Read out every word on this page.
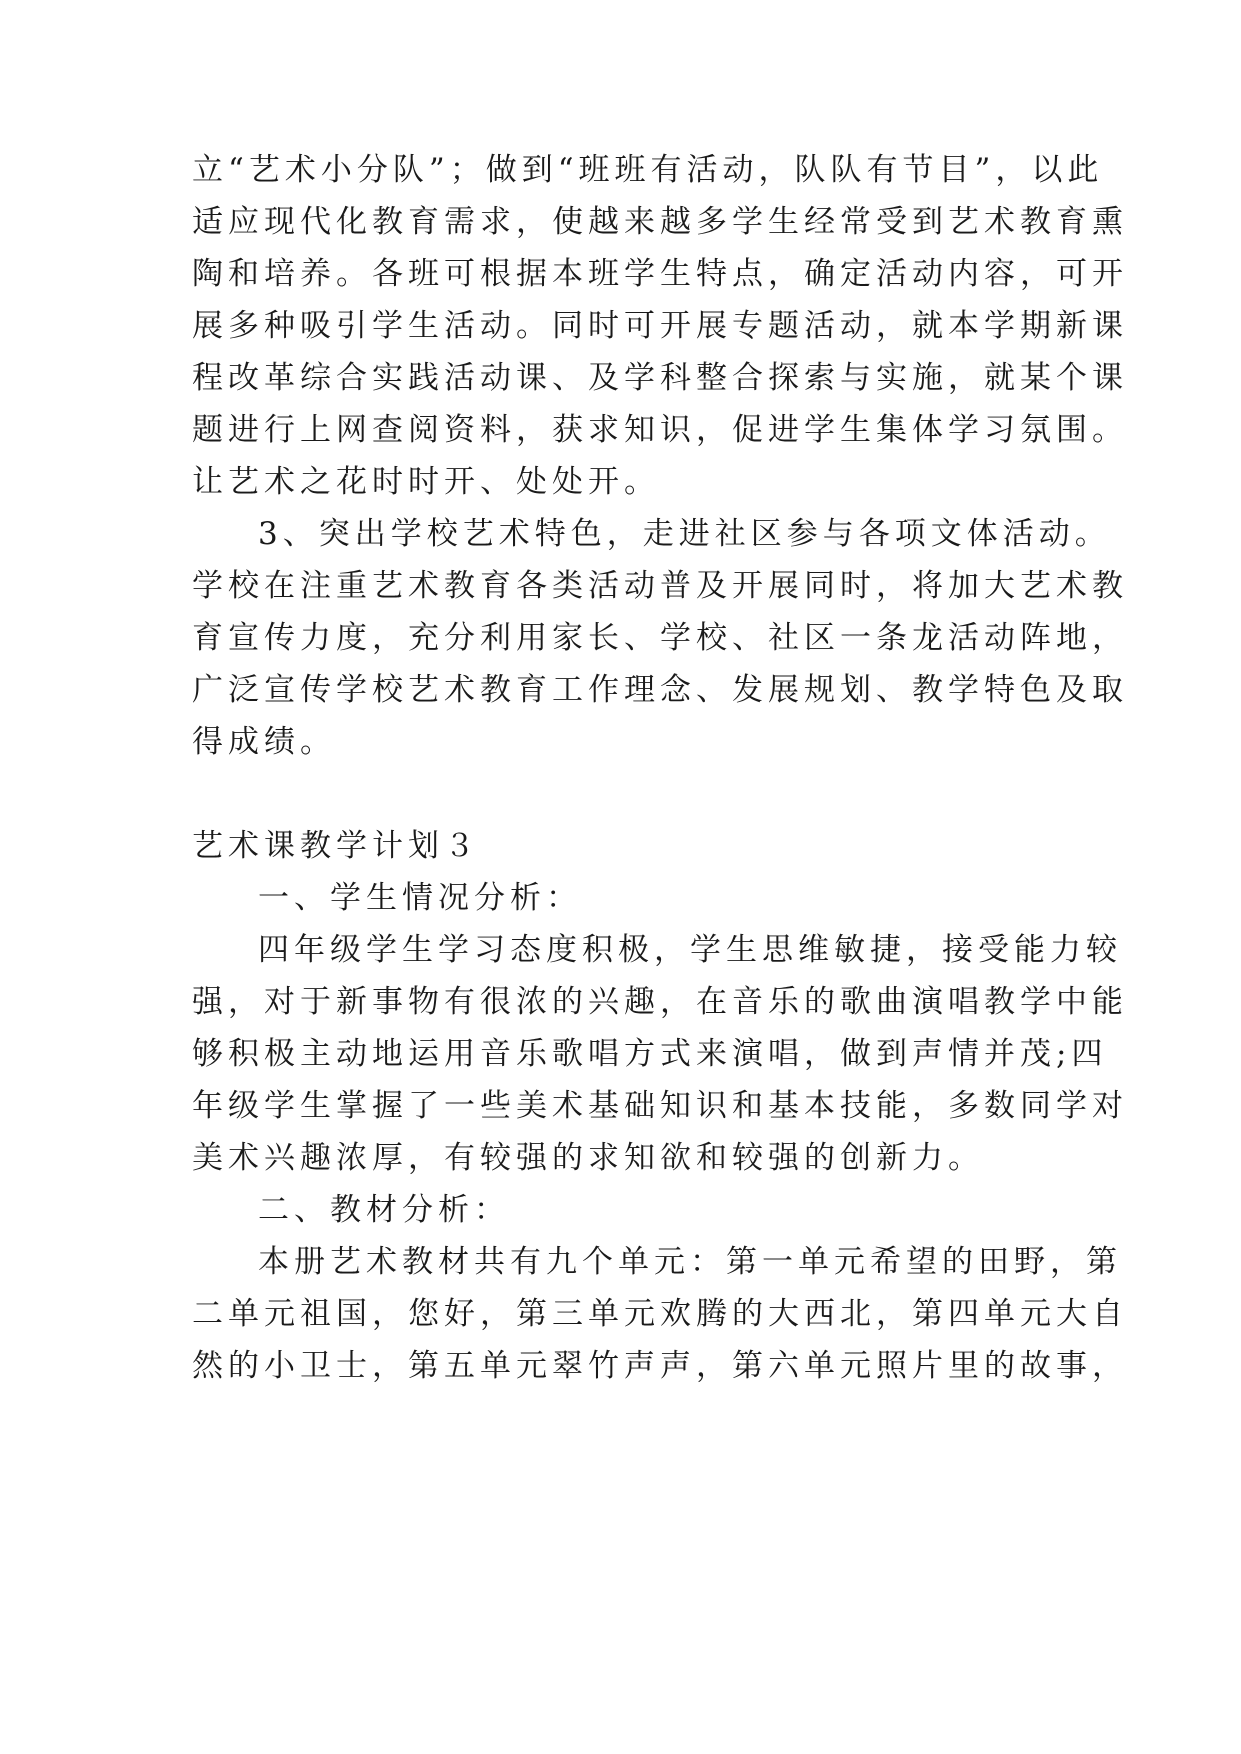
立“艺术小分队”；做到“班班有活动，队队有节目”，以此
适应现代化教育需求，使越来越多学生经常受到艺术教育熏
陶和培养。各班可根据本班学生特点，确定活动内容，可开
展多种吸引学生活动。同时可开展专题活动，就本学期新课
程改革综合实践活动课、及学科整合探索与实施，就某个课
题进行上网查阅资料，获求知识，促进学生集体学习氛围。
让艺术之花时时开、处处开。
3、突出学校艺术特色，走进社区参与各项文体活动。
学校在注重艺术教育各类活动普及开展同时，将加大艺术教
育宣传力度，充分利用家长、学校、社区一条龙活动阵地，
广泛宣传学校艺术教育工作理念、发展规划、教学特色及取
得成绩。
艺术课教学计划３
一、学生情况分析：
四年级学生学习态度积极，学生思维敏捷，接受能力较
强，对于新事物有很浓的兴趣，在音乐的歌曲演唱教学中能
够积极主动地运用音乐歌唱方式来演唱，做到声情并茂;四
年级学生掌握了一些美术基础知识和基本技能，多数同学对
美术兴趣浓厚，有较强的求知欲和较强的创新力。
二、教材分析：
本册艺术教材共有九个单元：第一单元希望的田野，第
二单元祖国，您好，第三单元欢腾的大西北，第四单元大自
然的小卫士，第五单元翠竹声声，第六单元照片里的故事，
